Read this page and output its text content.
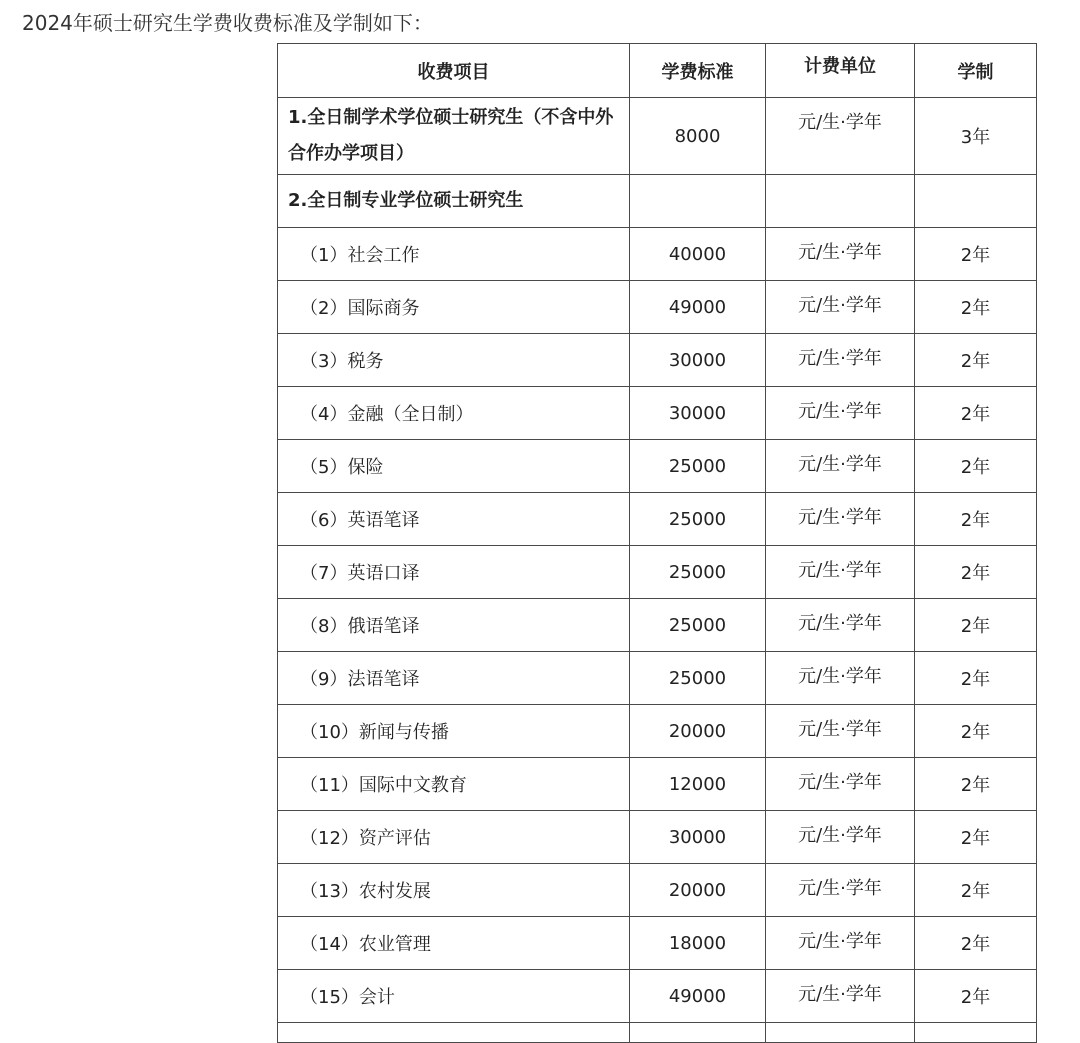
2024年硕士研究生学费收费标准及学制如下：
收费项目	学费标准	计费单位	学制
1.全日制学术学位硕士研究生（不含中外合作办学项目）	8000	元/生·学年	3年
2.全日制专业学位硕士研究生			
（1）社会工作	40000	元/生·学年	2年
（2）国际商务	49000	元/生·学年	2年
（3）税务	30000	元/生·学年	2年
（4）金融（全日制）	30000	元/生·学年	2年
（5）保险	25000	元/生·学年	2年
（6）英语笔译	25000	元/生·学年	2年
（7）英语口译	25000	元/生·学年	2年
（8）俄语笔译	25000	元/生·学年	2年
（9）法语笔译	25000	元/生·学年	2年
（10）新闻与传播	20000	元/生·学年	2年
（11）国际中文教育	12000	元/生·学年	2年
（12）资产评估	30000	元/生·学年	2年
（13）农村发展	20000	元/生·学年	2年
（14）农业管理	18000	元/生·学年	2年
（15）会计	49000	元/生·学年	2年
